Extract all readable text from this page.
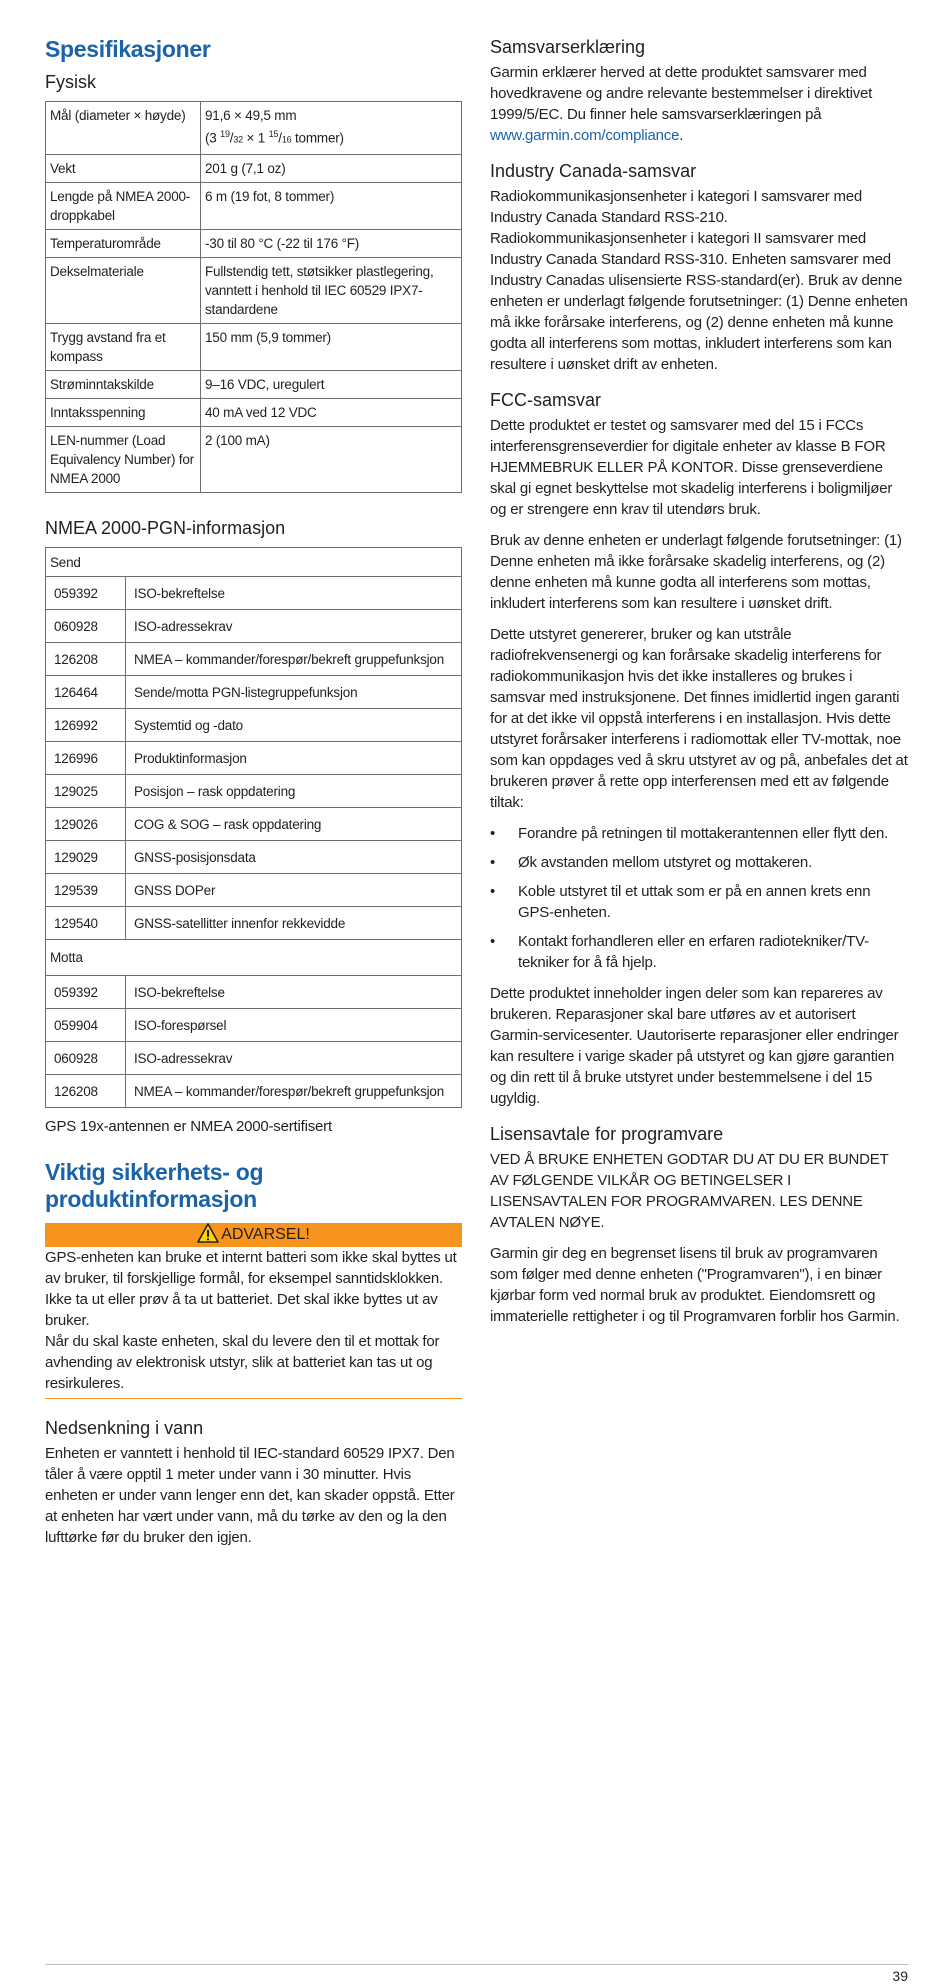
Spesifikasjoner
Fysisk
Mål (diameter × høyde)	91,6 × 49,5 mm
(3 $^{19}$/32 × 1 $^{15}$/16 tommer)
Vekt	201 g (7,1 oz)
Lengde på NMEA 2000-droppkabel	6 m (19 fot, 8 tommer)
Temperaturområde	-30 til 80 °C (-22 til 176 °F)
Dekselmateriale	Fullstendig tett, støtsikker plastlegering, vanntett i henhold til IEC 60529 IPX7-standardene
Trygg avstand fra et kompass	150 mm (5,9 tommer)
Strøminntakskilde	9–16 VDC, uregulert
Inntaksspenning	40 mA ved 12 VDC
LEN-nummer (Load Equivalency Number) for NMEA 2000	2 (100 mA)
NMEA 2000-PGN-informasjon
Send	
059392	ISO-bekreftelse
060928	ISO-adressekrav
126208	NMEA – kommander/forespør/bekreft gruppefunksjon
126464	Sende/motta PGN-listegruppefunksjon
126992	Systemtid og -dato
126996	Produktinformasjon
129025	Posisjon – rask oppdatering
129026	COG & SOG – rask oppdatering
129029	GNSS-posisjonsdata
129539	GNSS DOPer
129540	GNSS-satellitter innenfor rekkevidde
Motta	
059392	ISO-bekreftelse
059904	ISO-forespørsel
060928	ISO-adressekrav
126208	NMEA – kommander/forespør/bekreft gruppefunksjon

GPS 19x-antennen er NMEA 2000-sertifisert

Viktig sikkerhets- og produktinformasjon
ADVARSEL!

GPS-enheten kan bruke et internt batteri som ikke skal byttes ut av bruker, til forskjellige formål, for eksempel sanntidsklokken.

Ikke ta ut eller prøv å ta ut batteriet. Det skal ikke byttes ut av bruker.

Når du skal kaste enheten, skal du levere den til et mottak for avhending av elektronisk utstyr, slik at batteriet kan tas ut og resirkuleres.

Nedsenkning i vann

Enheten er vanntett i henhold til IEC-standard 60529 IPX7. Den tåler å være opptil 1 meter under vann i 30 minutter. Hvis enheten er under vann lenger enn det, kan skader oppstå. Etter at enheten har vært under vann, må du tørke av den og la den lufttørke før du bruker den igjen.

Samsvarserklæring

Garmin erklærer herved at dette produktet samsvarer med hovedkravene og andre relevante bestemmelser i direktivet 1999/5/EC. Du finner hele samsvarserklæringen på www.garmin.com/compliance.

Industry Canada-samsvar

Radiokommunikasjonsenheter i kategori I samsvarer med Industry Canada Standard RSS-210. Radiokommunikasjonsenheter i kategori II samsvarer med Industry Canada Standard RSS-310. Enheten samsvarer med Industry Canadas ulisensierte RSS-standard(er). Bruk av denne enheten er underlagt følgende forutsetninger: (1) Denne enheten må ikke forårsake interferens, og (2) denne enheten må kunne godta all interferens som mottas, inkludert interferens som kan resultere i uønsket drift av enheten.

FCC-samsvar

Dette produktet er testet og samsvarer med del 15 i FCCs interferensgrenseverdier for digitale enheter av klasse B FOR HJEMMEBRUK ELLER PÅ KONTOR. Disse grenseverdiene skal gi egnet beskyttelse mot skadelig interferens i boligmiljøer og er strengere enn krav til utendørs bruk.

Bruk av denne enheten er underlagt følgende forutsetninger: (1) Denne enheten må ikke forårsake skadelig interferens, og (2) denne enheten må kunne godta all interferens som mottas, inkludert interferens som kan resultere i uønsket drift.

Dette utstyret genererer, bruker og kan utstråle radiofrekvensenergi og kan forårsake skadelig interferens for radiokommunikasjon hvis det ikke installeres og brukes i samsvar med instruksjonene. Det finnes imidlertid ingen garanti for at det ikke vil oppstå interferens i en installasjon. Hvis dette utstyret forårsaker interferens i radiomottak eller TV-mottak, noe som kan oppdages ved å skru utstyret av og på, anbefales det at brukeren prøver å rette opp interferensen med ett av følgende tiltak:

• Forandre på retningen til mottakerantennen eller flytt den.
• Øk avstanden mellom utstyret og mottakeren.
• Koble utstyret til et uttak som er på en annen krets enn GPS-enheten.
• Kontakt forhandleren eller en erfaren radiotekniker/TV-tekniker for å få hjelp.

Dette produktet inneholder ingen deler som kan repareres av brukeren. Reparasjoner skal bare utføres av et autorisert Garmin-servicesenter. Uautoriserte reparasjoner eller endringer kan resultere i varige skader på utstyret og kan gjøre garantien og din rett til å bruke utstyret under bestemmelsene i del 15 ugyldig.

Lisensavtale for programvare

VED Å BRUKE ENHETEN GODTAR DU AT DU ER BUNDET AV FØLGENDE VILKÅR OG BETINGELSER I LISENSAVTALEN FOR PROGRAMVAREN. LES DENNE AVTALEN NØYE.

Garmin gir deg en begrenset lisens til bruk av programvaren som følger med denne enheten ("Programvaren"), i en binær kjørbar form ved normal bruk av produktet. Eiendomsrett og immaterielle rettigheter i og til Programvaren forblir hos Garmin.

39
